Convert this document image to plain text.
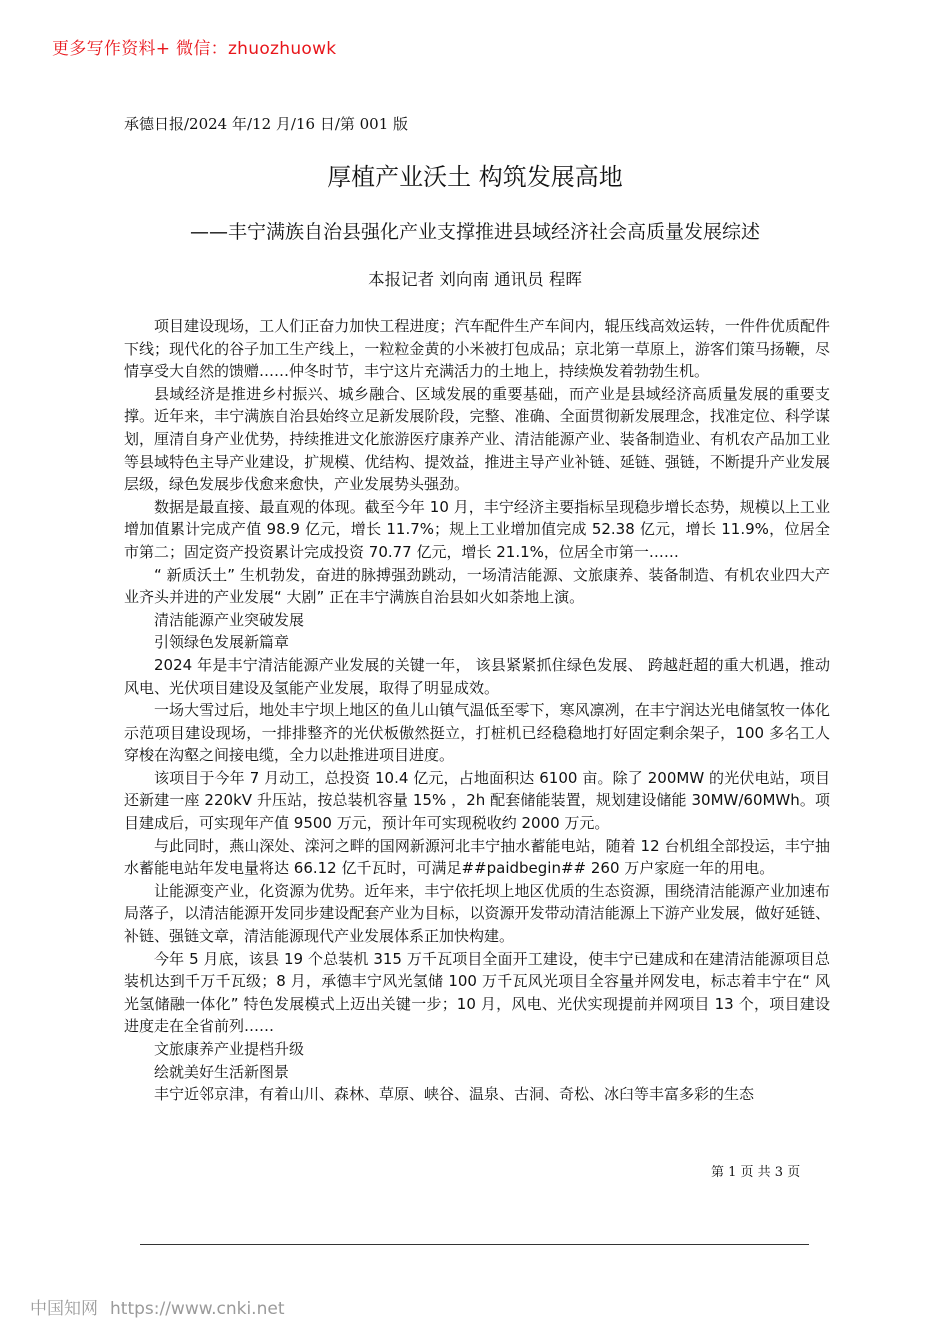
更多写作资料+ 微信：zhuozhuowk
承德日报/2024 年/12 月/16 日/第 001 版
厚植产业沃土 构筑发展高地
——丰宁满族自治县强化产业支撑推进县域经济社会高质量发展综述
本报记者 刘向南 通讯员 程晖

项目建设现场，工人们正奋力加快工程进度；汽车配件生产车间内，辊压线高效运转，一件件优质配件下线；现代化的谷子加工生产线上，一粒粒金黄的小米被打包成品；京北第一草原上，游客们策马扬鞭，尽情享受大自然的馈赠……仲冬时节，丰宁这片充满活力的土地上，持续焕发着勃勃生机。

县域经济是推进乡村振兴、城乡融合、区域发展的重要基础，而产业是县域经济高质量发展的重要支撑。近年来，丰宁满族自治县始终立足新发展阶段，完整、准确、全面贯彻新发展理念，找准定位、科学谋划，厘清自身产业优势，持续推进文化旅游医疗康养产业、清洁能源产业、装备制造业、有机农产品加工业等县域特色主导产业建设，扩规模、优结构、提效益，推进主导产业补链、延链、强链，不断提升产业发展层级，绿色发展步伐愈来愈快，产业发展势头强劲。

数据是最直接、最直观的体现。截至今年 10 月，丰宁经济主要指标呈现稳步增长态势，规模以上工业增加值累计完成产值 98.9 亿元，增长 11.7%；规上工业增加值完成 52.38 亿元，增长 11.9%，位居全市第二；固定资产投资累计完成投资 70.77 亿元，增长 21.1%，位居全市第一……

“ 新质沃土” 生机勃发，奋进的脉搏强劲跳动，一场清洁能源、文旅康养、装备制造、有机农业四大产业齐头并进的产业发展“ 大剧” 正在丰宁满族自治县如火如荼地上演。

清洁能源产业突破发展

引领绿色发展新篇章

2024 年是丰宁清洁能源产业发展的关键一年， 该县紧紧抓住绿色发展、 跨越赶超的重大机遇，推动风电、光伏项目建设及氢能产业发展，取得了明显成效。

一场大雪过后，地处丰宁坝上地区的鱼儿山镇气温低至零下，寒风凛冽，在丰宁润达光电储氢牧一体化示范项目建设现场，一排排整齐的光伏板傲然挺立，打桩机已经稳稳地打好固定剩余架子，100 多名工人穿梭在沟壑之间接电缆，全力以赴推进项目进度。

该项目于今年 7 月动工，总投资 10.4 亿元，占地面积达 6100 亩。除了 200MW 的光伏电站，项目还新建一座 220kV 升压站，按总装机容量 15% ，2h 配套储能装置，规划建设储能 30MW/60MWh。项目建成后，可实现年产值 9500 万元，预计年可实现税收约 2000 万元。

与此同时，燕山深处、滦河之畔的国网新源河北丰宁抽水蓄能电站，随着 12 台机组全部投运，丰宁抽水蓄能电站年发电量将达 66.12 亿千瓦时，可满足##paidbegin## 260 万户家庭一年的用电。

让能源变产业，化资源为优势。近年来，丰宁依托坝上地区优质的生态资源，围绕清洁能源产业加速布局落子，以清洁能源开发同步建设配套产业为目标，以资源开发带动清洁能源上下游产业发展，做好延链、补链、强链文章，清洁能源现代产业发展体系正加快构建。

今年 5 月底，该县 19 个总装机 315 万千瓦项目全面开工建设，使丰宁已建成和在建清洁能源项目总装机达到千万千瓦级；8 月，承德丰宁风光氢储 100 万千瓦风光项目全容量并网发电，标志着丰宁在“ 风光氢储融一体化” 特色发展模式上迈出关键一步；10 月，风电、光伏实现提前并网项目 13 个，项目建设进度走在全省前列……

文旅康养产业提档升级

绘就美好生活新图景

丰宁近邻京津，有着山川、森林、草原、峡谷、温泉、古洞、奇松、冰臼等丰富多彩的生态

第 1 页 共 3 页
中国知网 https://www.cnki.net
